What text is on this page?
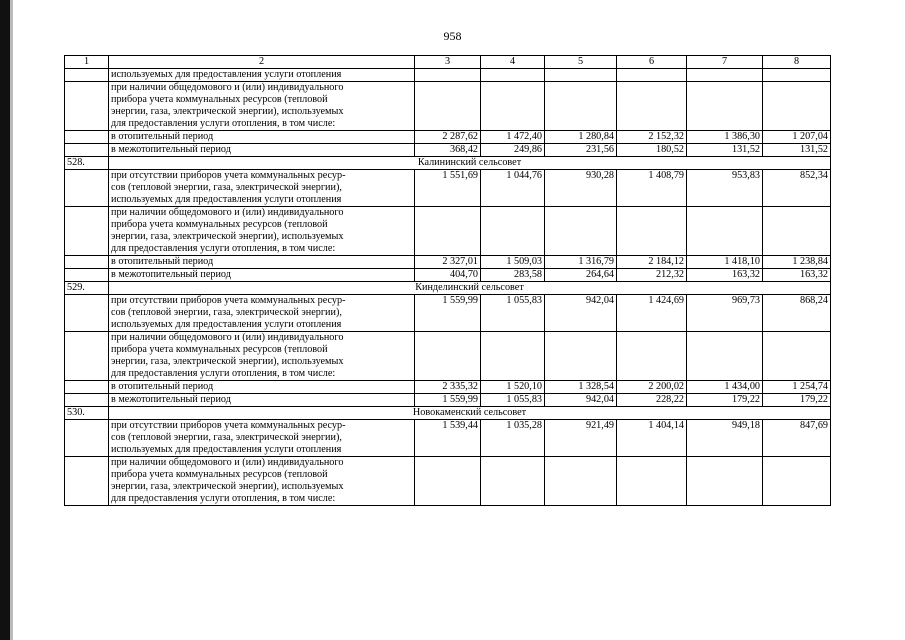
958
1	2	3	4	5	6	7	8

	используемых для предоставления услуги отопления						

	при наличии общедомового и (или) индивидуального
прибора учета коммунальных ресурсов (тепловой
энергии, газа, электрической энергии), используемых
для предоставления услуги отопления, в том числе:						

	в отопительный период	2 287,62	1 472,40	1 280,84	2 152,32	1 386,30	1 207,04

	в межотопительный период	368,42	249,86	231,56	180,52	131,52	131,52
528.	Калининский сельсовет						

	при отсутствии приборов учета коммунальных ресур-
сов (тепловой энергии, газа, электрической энергии),
используемых для предоставления услуги отопления	1 551,69	1 044,76	930,28	1 408,79	953,83	852,34

	при наличии общедомового и (или) индивидуального
прибора учета коммунальных ресурсов (тепловой
энергии, газа, электрической энергии), используемых
для предоставления услуги отопления, в том числе:						

	в отопительный период	2 327,01	1 509,03	1 316,79	2 184,12	1 418,10	1 238,84

	в межотопительный период	404,70	283,58	264,64	212,32	163,32	163,32
529.	Кинделинский сельсовет						

	при отсутствии приборов учета коммунальных ресур-
сов (тепловой энергии, газа, электрической энергии),
используемых для предоставления услуги отопления	1 559,99	1 055,83	942,04	1 424,69	969,73	868,24

	при наличии общедомового и (или) индивидуального
прибора учета коммунальных ресурсов (тепловой
энергии, газа, электрической энергии), используемых
для предоставления услуги отопления, в том числе:						

	в отопительный период	2 335,32	1 520,10	1 328,54	2 200,02	1 434,00	1 254,74

	в межотопительный период	1 559,99	1 055,83	942,04	228,22	179,22	179,22
530.	Новокаменский сельсовет						

	при отсутствии приборов учета коммунальных ресур-
сов (тепловой энергии, газа, электрической энергии),
используемых для предоставления услуги отопления	1 539,44	1 035,28	921,49	1 404,14	949,18	847,69

	при наличии общедомового и (или) индивидуального
прибора учета коммунальных ресурсов (тепловой
энергии, газа, электрической энергии), используемых
для предоставления услуги отопления, в том числе:						
